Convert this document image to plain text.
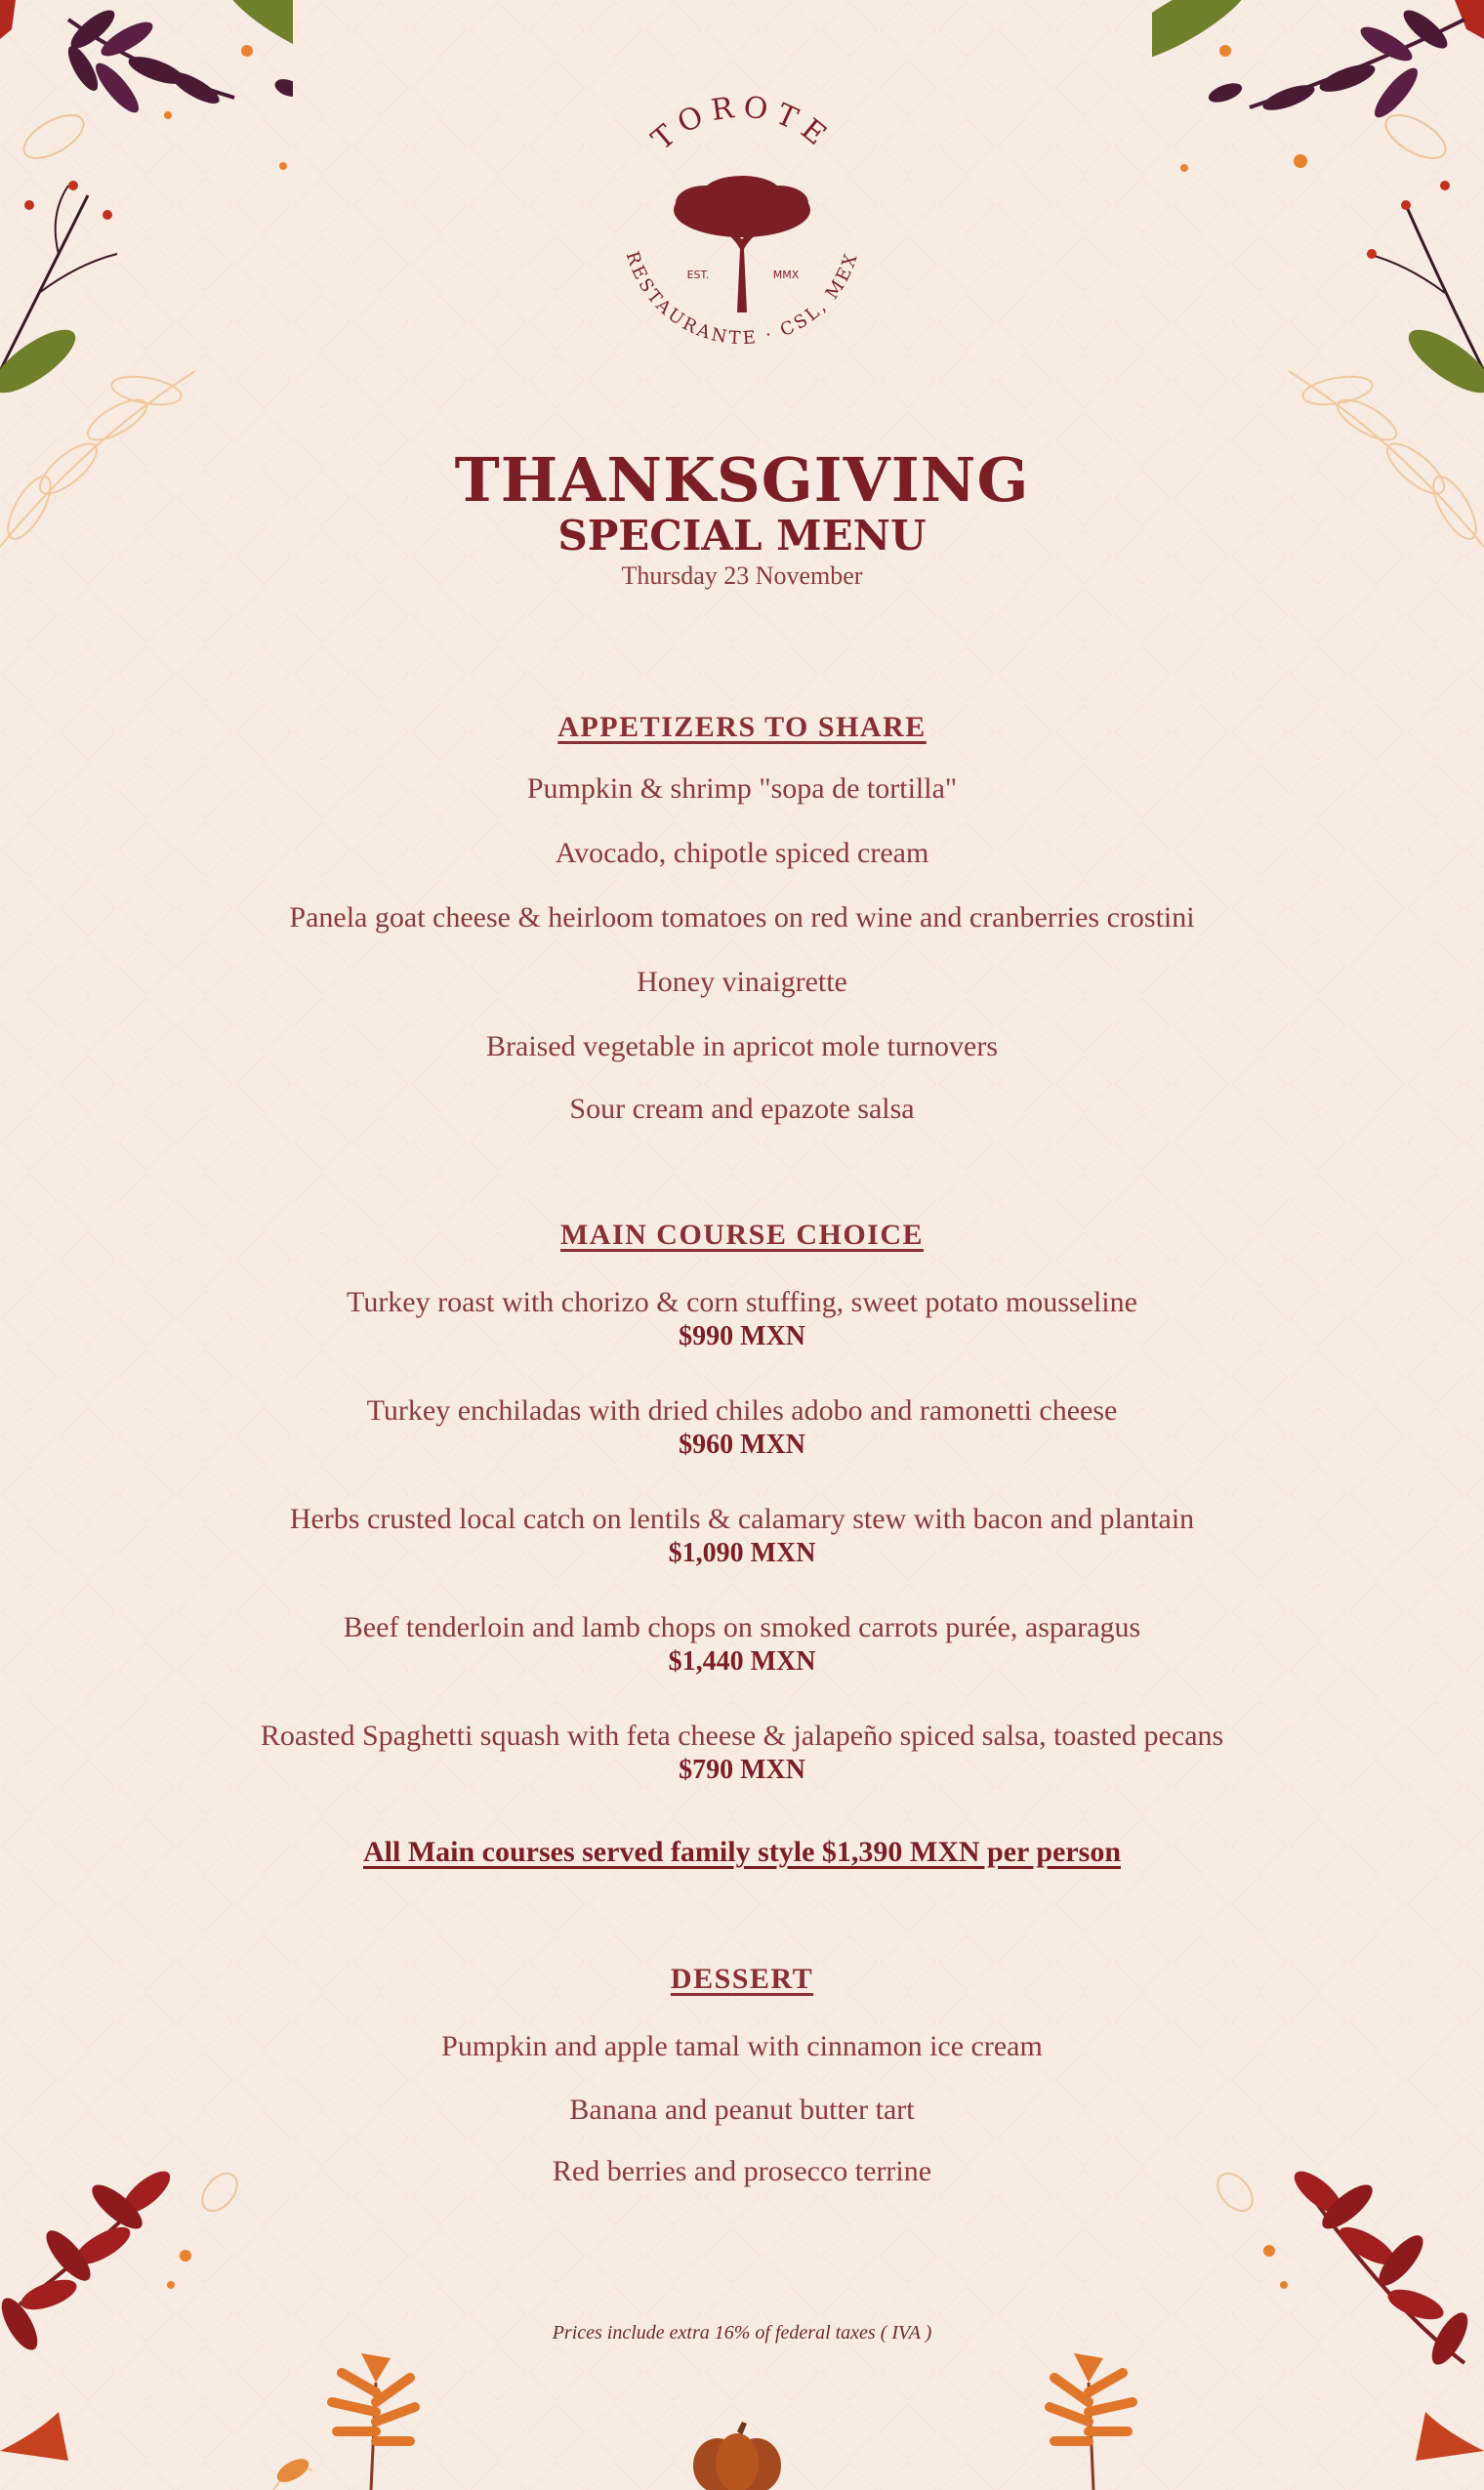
TOROTE
RESTAURANTE · CSL, MEX
EST.	MMX
THANKSGIVING
SPECIAL MENU
Thursday 23 November
APPETIZERS TO SHARE
Pumpkin & shrimp "sopa de tortilla"
Avocado, chipotle spiced cream
Panela goat cheese & heirloom tomatoes on red wine and cranberries crostini
Honey vinaigrette
Braised vegetable in apricot mole turnovers
Sour cream and epazote salsa
MAIN COURSE CHOICE
Turkey roast with chorizo & corn stuffing, sweet potato mousseline
$990 MXN
Turkey enchiladas with dried chiles adobo and ramonetti cheese
$960 MXN
Herbs crusted local catch on lentils & calamary stew with bacon and plantain
$1,090 MXN
Beef tenderloin and lamb chops on smoked carrots purée, asparagus
$1,440 MXN
Roasted Spaghetti squash with feta cheese & jalapeño spiced salsa, toasted pecans
$790 MXN
All Main courses served family style $1,390 MXN per person
DESSERT
Pumpkin and apple tamal with cinnamon ice cream
Banana and peanut butter tart
Red berries and prosecco terrine
Prices include extra 16% of federal taxes ( IVA )
